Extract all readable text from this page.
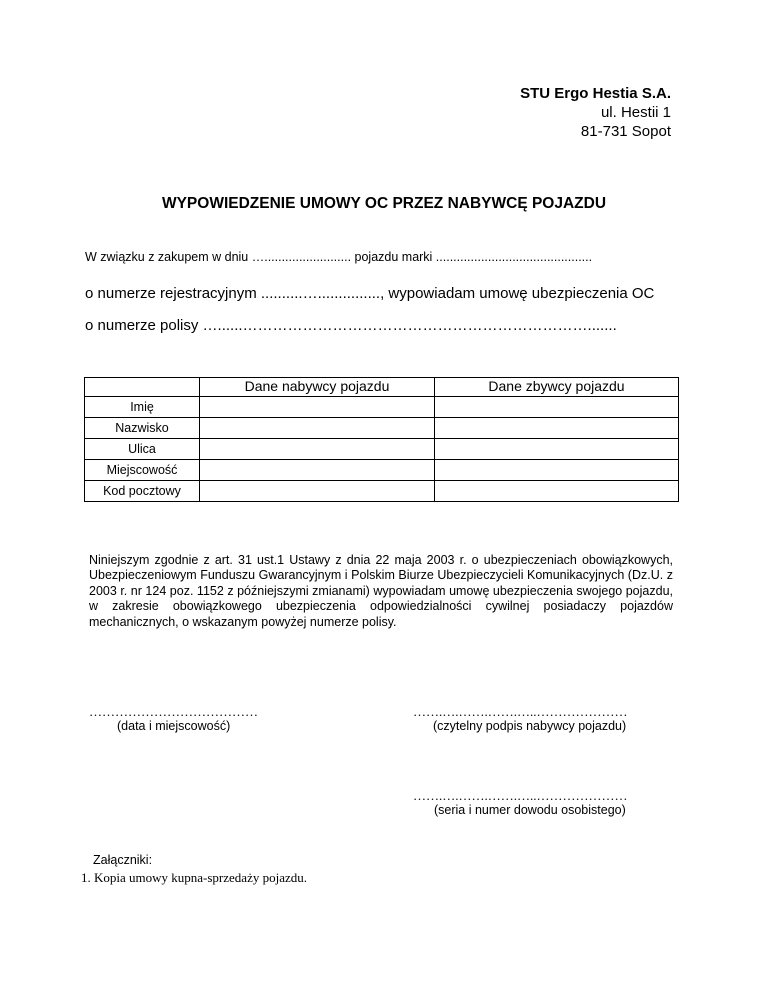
STU Ergo Hestia S.A.
ul. Hestii 1
81-731 Sopot
WYPOWIEDZENIE UMOWY OC PRZEZ NABYWCĘ POJAZDU
W związku z zakupem w dniu …......................... pojazdu marki .............................................
o numerze rejestracyjnym ..........…..............., wypowiadam umowę ubezpieczenia OC
o numerze polisy …......…………………………………………………………….......
	Dane nabywcy pojazdu	Dane zbywcy pojazdu
Imię		
Nazwisko		
Ulica		
Miejscowość		
Kod pocztowy		
Niniejszym zgodnie z art. 31 ust.1 Ustawy z dnia 22 maja 2003 r. o ubezpieczeniach obowiązkowych, Ubezpieczeniowym Funduszu Gwarancyjnym i Polskim Biurze Ubezpieczycieli Komunikacyjnych (Dz.U. z 2003 r. nr 124 poz. 1152 z późniejszymi zmianami) wypowiadam umowę ubezpieczenia swojego pojazdu, w zakresie obowiązkowego ubezpieczenia odpowiedzialności cywilnej posiadaczy pojazdów mechanicznych, o wskazanym powyżej numerze polisy.
…………………………………
(data i miejscowość)
…….….…….…….…..…………………
(czytelny podpis nabywcy pojazdu)
…….….…….…….…..…………………
(seria i numer dowodu osobistego)
Załączniki:
1. Kopia umowy kupna-sprzedaży pojazdu.
